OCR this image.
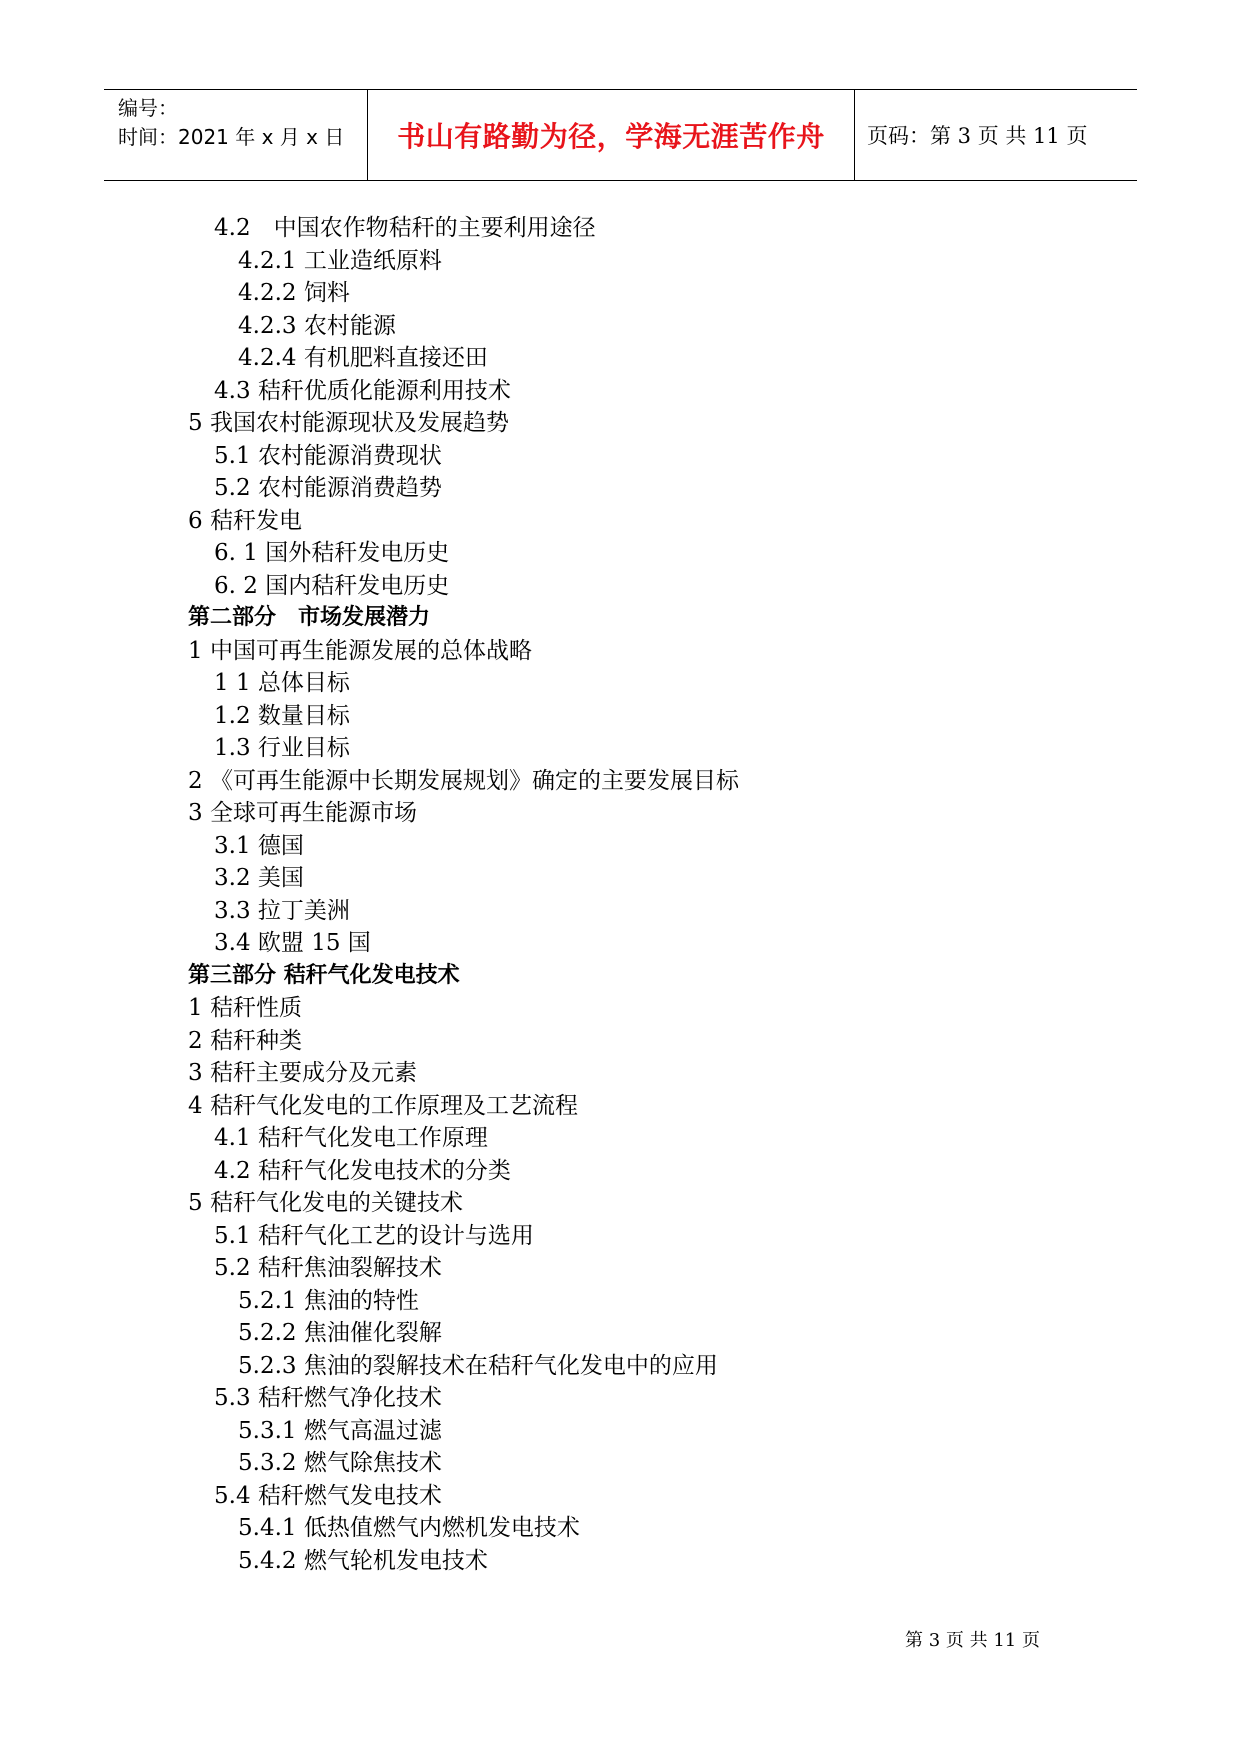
编号：
时间：2021 年 x 月 x 日	书山有路勤为径，学海无涯苦作舟	页码：第 3 页 共 11 页
4.2　中国农作物秸秆的主要利用途径
4.2.1 工业造纸原料
4.2.2 饲料
4.2.3 农村能源
4.2.4 有机肥料直接还田
4.3 秸秆优质化能源利用技术
5 我国农村能源现状及发展趋势
5.1 农村能源消费现状
5.2 农村能源消费趋势
6 秸秆发电
6. 1 国外秸秆发电历史
6. 2 国内秸秆发电历史
第二部分　市场发展潜力
1 中国可再生能源发展的总体战略
1 1 总体目标
1.2 数量目标
1.3 行业目标
2 《可再生能源中长期发展规划》确定的主要发展目标
3 全球可再生能源市场
3.1 德国
3.2 美国
3.3 拉丁美洲
3.4 欧盟 15 国
第三部分 秸秆气化发电技术
1 秸秆性质
2 秸秆种类
3 秸秆主要成分及元素
4 秸秆气化发电的工作原理及工艺流程
4.1 秸秆气化发电工作原理
4.2 秸秆气化发电技术的分类
5 秸秆气化发电的关键技术
5.1 秸秆气化工艺的设计与选用
5.2 秸秆焦油裂解技术
5.2.1 焦油的特性
5.2.2 焦油催化裂解
5.2.3 焦油的裂解技术在秸秆气化发电中的应用
5.3 秸秆燃气净化技术
5.3.1 燃气高温过滤
5.3.2 燃气除焦技术
5.4 秸秆燃气发电技术
5.4.1 低热值燃气内燃机发电技术
5.4.2 燃气轮机发电技术
第 3 页 共 11 页
